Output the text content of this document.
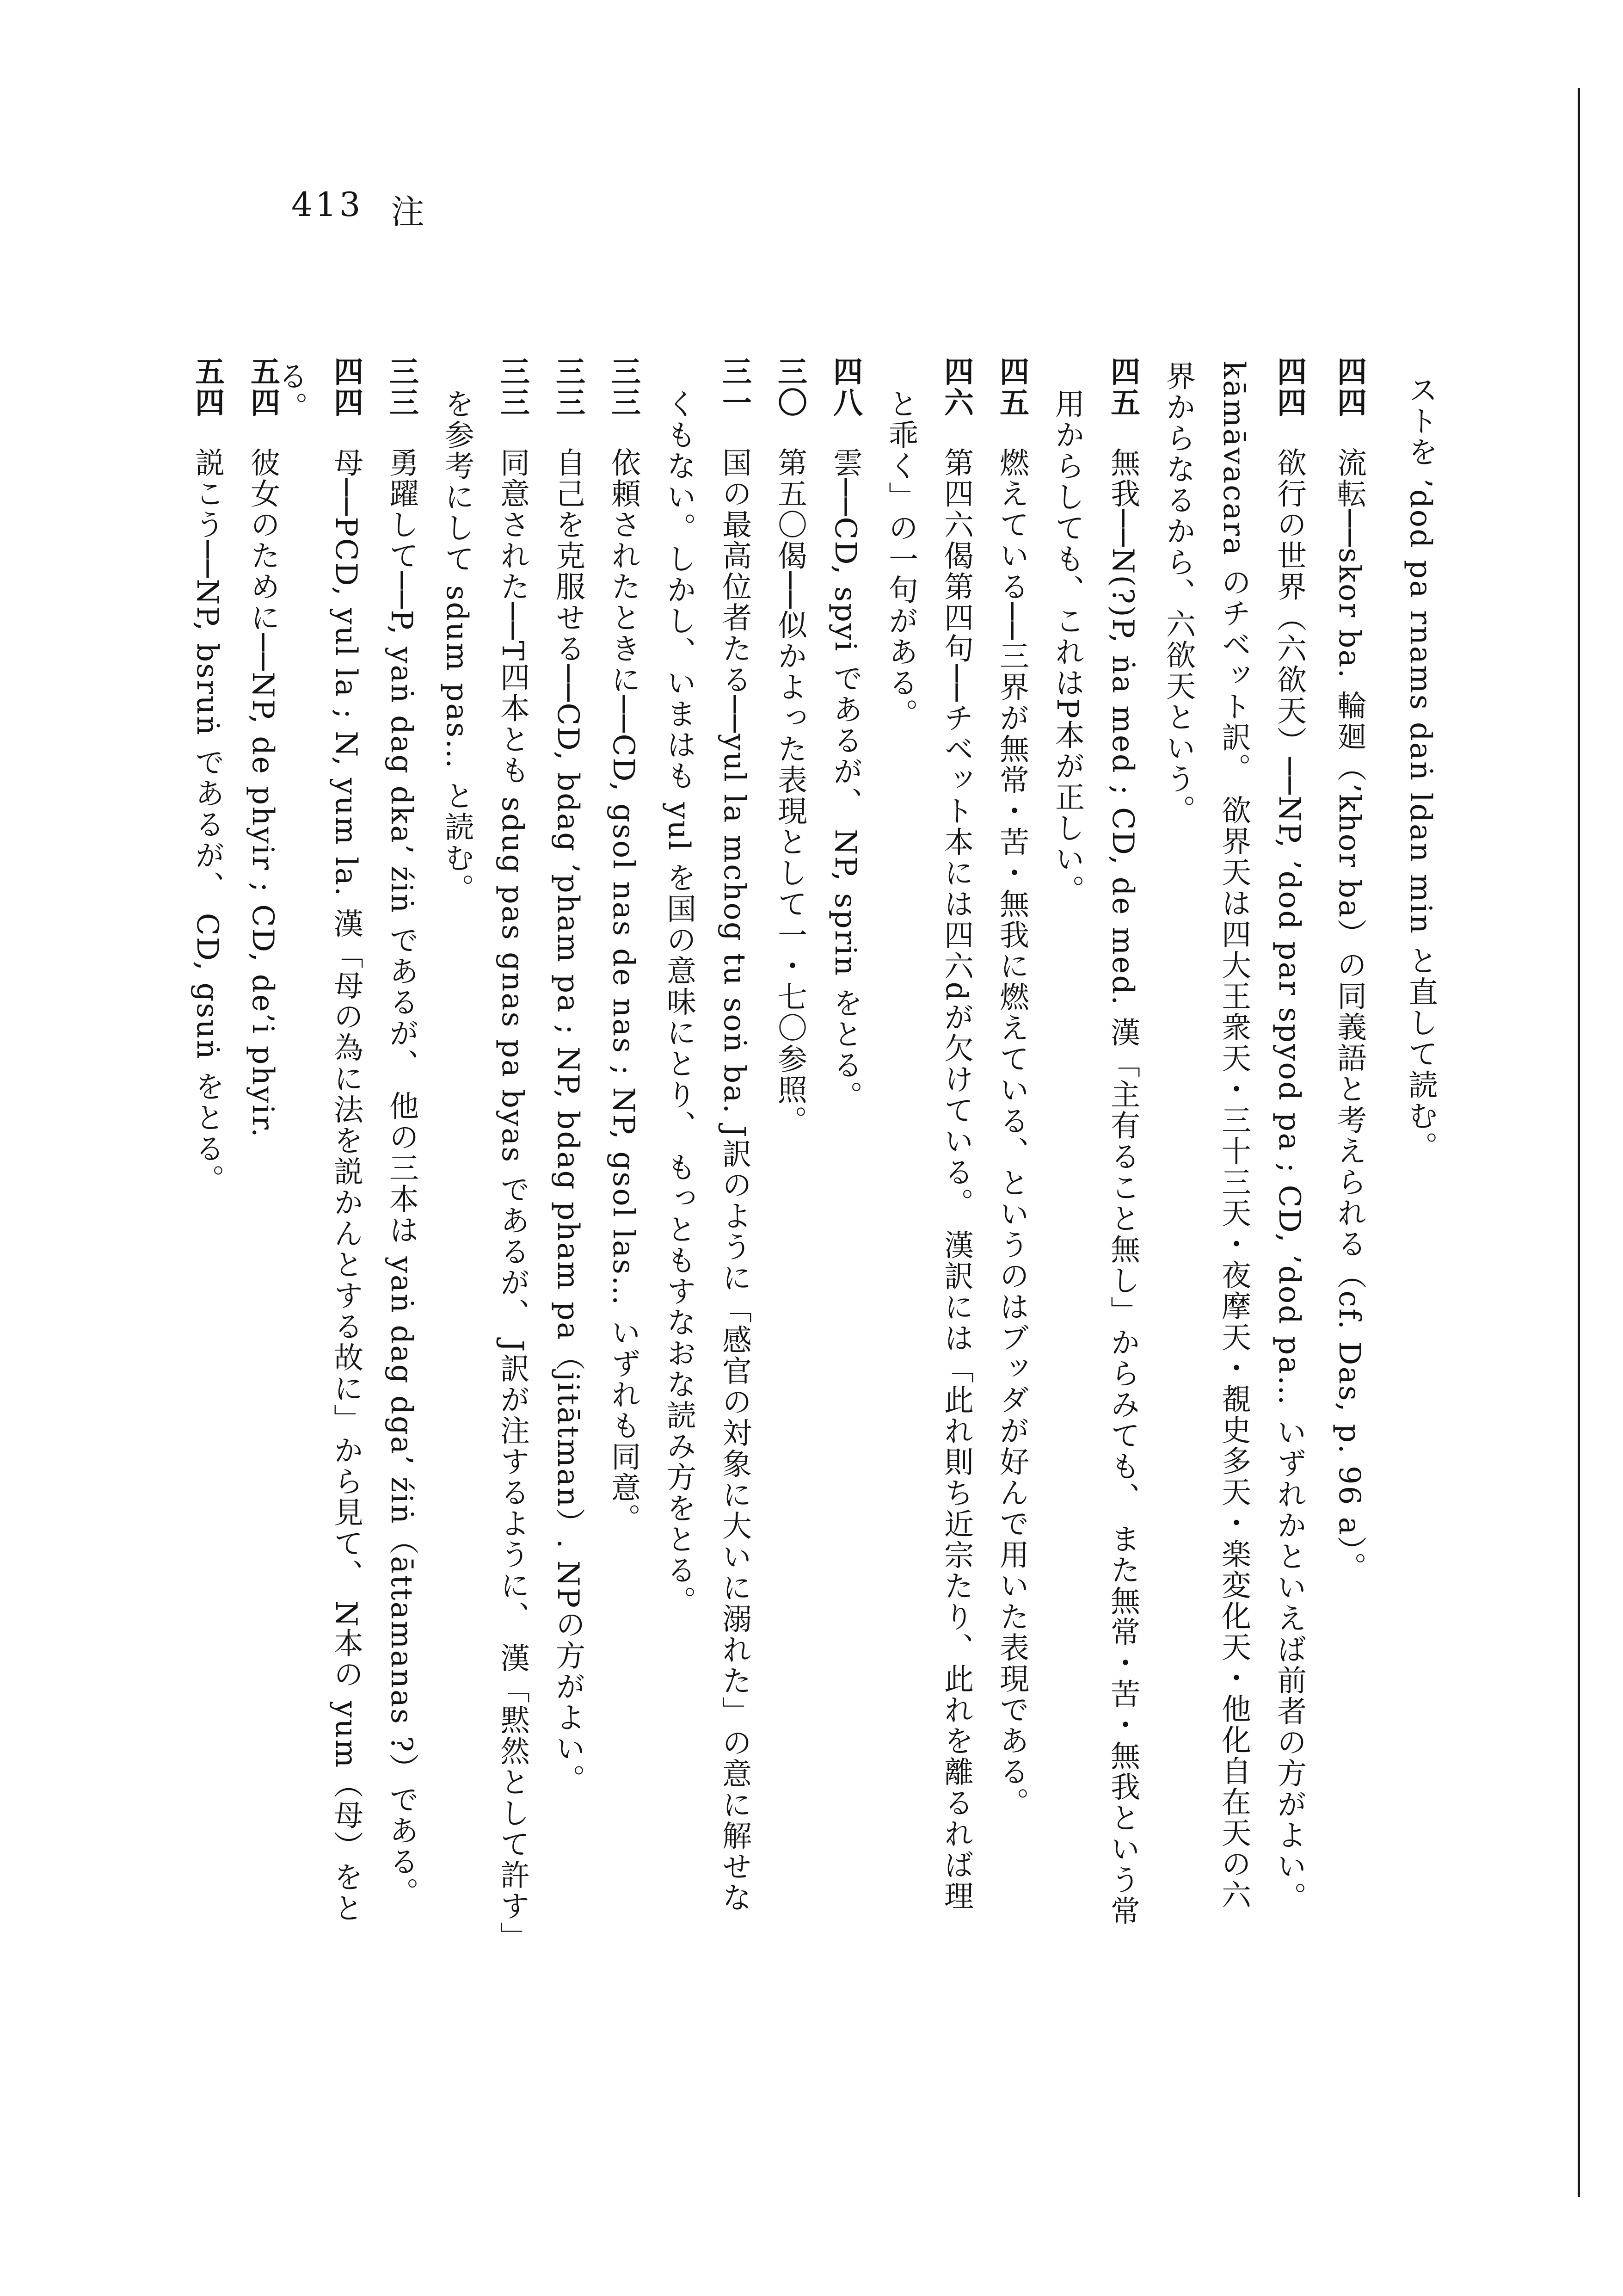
413 注
ストを ’dod pa rnams daṅ ldan min と直して読む。
四四 流転──skor ba. 輪廻（’khor ba）の同義語と考えられる（cf. Das, p. 96 a）。
四四 欲行の世界（六欲天）──NP, ’dod par spyod pa ; CD, ’dod pa… いずれかといえば前者の方がよい。
kāmāvacara のチベット訳。 欲界天は四大王衆天・三十三天・夜摩天・覩史多天・楽変化天・他化自在天の六
界からなるから、六欲天という。
四五 無我──N(?)P, ṅa med ; CD, de med. 漢「主有ること無し」からみても、 また無常・苦・無我という常
用からしても、これはP本が正しい。
四五 燃えている──三界が無常・苦・無我に燃えている、というのはブッダが好んで用いた表現である。
四六 第四六偈第四句──チベット本には四六dが欠けている。 漢訳には「此れ則ち近宗たり、此れを離るれば理
と乖く」の一句がある。
四八 雲──CD, spyi であるが、 NP, sprin をとる。
三〇 第五〇偈──似かよった表現として一・七〇参照。
三一 国の最高位者たる──yul la mchog tu soṅ ba. J訳のように「感官の対象に大いに溺れた」の意に解せな
くもない。しかし、いまはも yul を国の意味にとり、 もっともすなおな読み方をとる。
三三 依頼されたときに──CD, gsol nas de nas ; NP, gsol las… いずれも同意。
三三 自己を克服せる──CD, bdag ’pham pa ; NP, bdag pham pa（jitātman）. NPの方がよい。
三三 同意された──T四本とも sdug pas gnas pa byas であるが、 J訳が注するように、 漢「黙然として許す」
を参考にして sdum pas… と読む。
三三 勇躍して──P, yaṅ dag dka’ źiṅ であるが、 他の三本は yaṅ dag dga’ źiṅ（āttamanas ?）である。
四四 母──PCD, yul la ; N, yum la. 漢「母の為に法を説かんとする故に」から見て、 N本の yum（母）をと
る。
五四 彼女のために──NP, de phyir ; CD, de’i phyir.
五四 説こう──NP, bsruṅ であるが、 CD, gsuṅ をとる。
